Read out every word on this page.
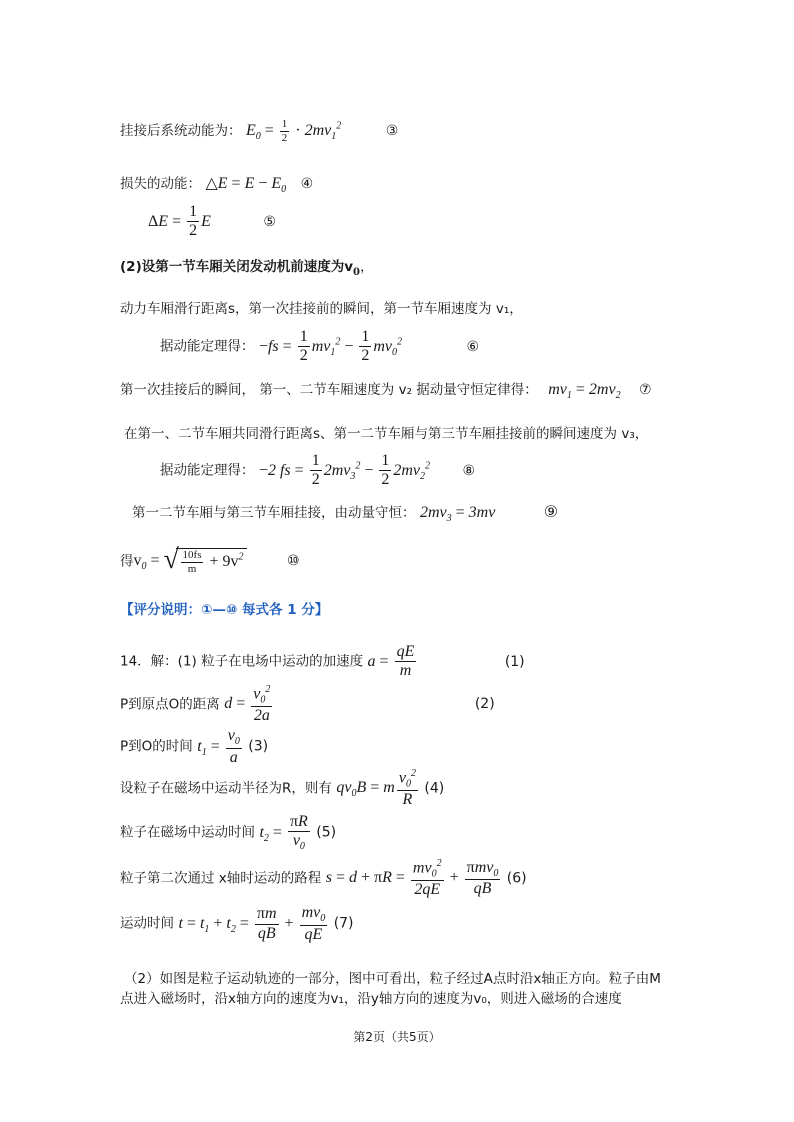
挂接后系统动能为： $E_0 = \frac{1}{2} \cdot 2mv_1^2$	③
损失的动能： △E = $E - E_0$ ④
$\Delta E = \frac{1}{2}$ E	⑤
(2)设第一节车厢关闭发动机前速度为$v_0$，
动力车厢滑行距离s，第一次挂接前的瞬间，第一节车厢速度为 v₁，
据动能定理得： $-fs = \frac{1}{2} mv_1^2 - \frac{1}{2} mv_0^2$	⑥
第一次挂接后的瞬间， 第一、二节车厢速度为 v₂ 据动量守恒定律得： $mv_1 = 2mv_2$ ⑦
在第一、二节车厢共同滑行距离s、第一二节车厢与第三节车厢挂接前的瞬间速度为 v₃，
据动能定理得： −2 fs = $\frac{1}{2} 2mv_3^2 - \frac{1}{2} 2mv_2^2$ ⑧
第一二节车厢与第三节车厢挂接，由动量守恒： $2mv_3 = 3mv$	⑨
得$v_0$ = √ $\frac{10fs}{m} + 9v^2$	⑩
【评分说明：①—⑩ 每式各 1 分】
14．解：(1) 粒子在电场中运动的加速度 $a = \frac{qE}{m}$	(1)
P到原点O的距离 $d = \frac{v_0^2}{2a}$	(2)
P到O的时间 $t_1 = \frac{v_0}{a} (3)$
设粒子在磁场中运动半径为R，则有 $qv_0B = m \frac{v_0^2}{R} (4)$
粒子在磁场中运动时间 $t_2 = \frac{\pi R}{v_0} (5)$
粒子第二次通过 x轴时运动的路程 $s = d + \pi R = \frac{mv_0^2}{2qE} + \frac{\pi mv_0}{qB} (6)$
运动时间 $t = t_1 + t_2 = \frac{\pi m}{qB} + \frac{mv_0}{qE} (7)$
（2）如图是粒子运动轨迹的一部分，图中可看出，粒子经过A点时沿x轴正方向。粒子由M
点进入磁场时，沿x轴方向的速度为v₁，沿y轴方向的速度为v₀，则进入磁场的合速度
第2页（共5页）
